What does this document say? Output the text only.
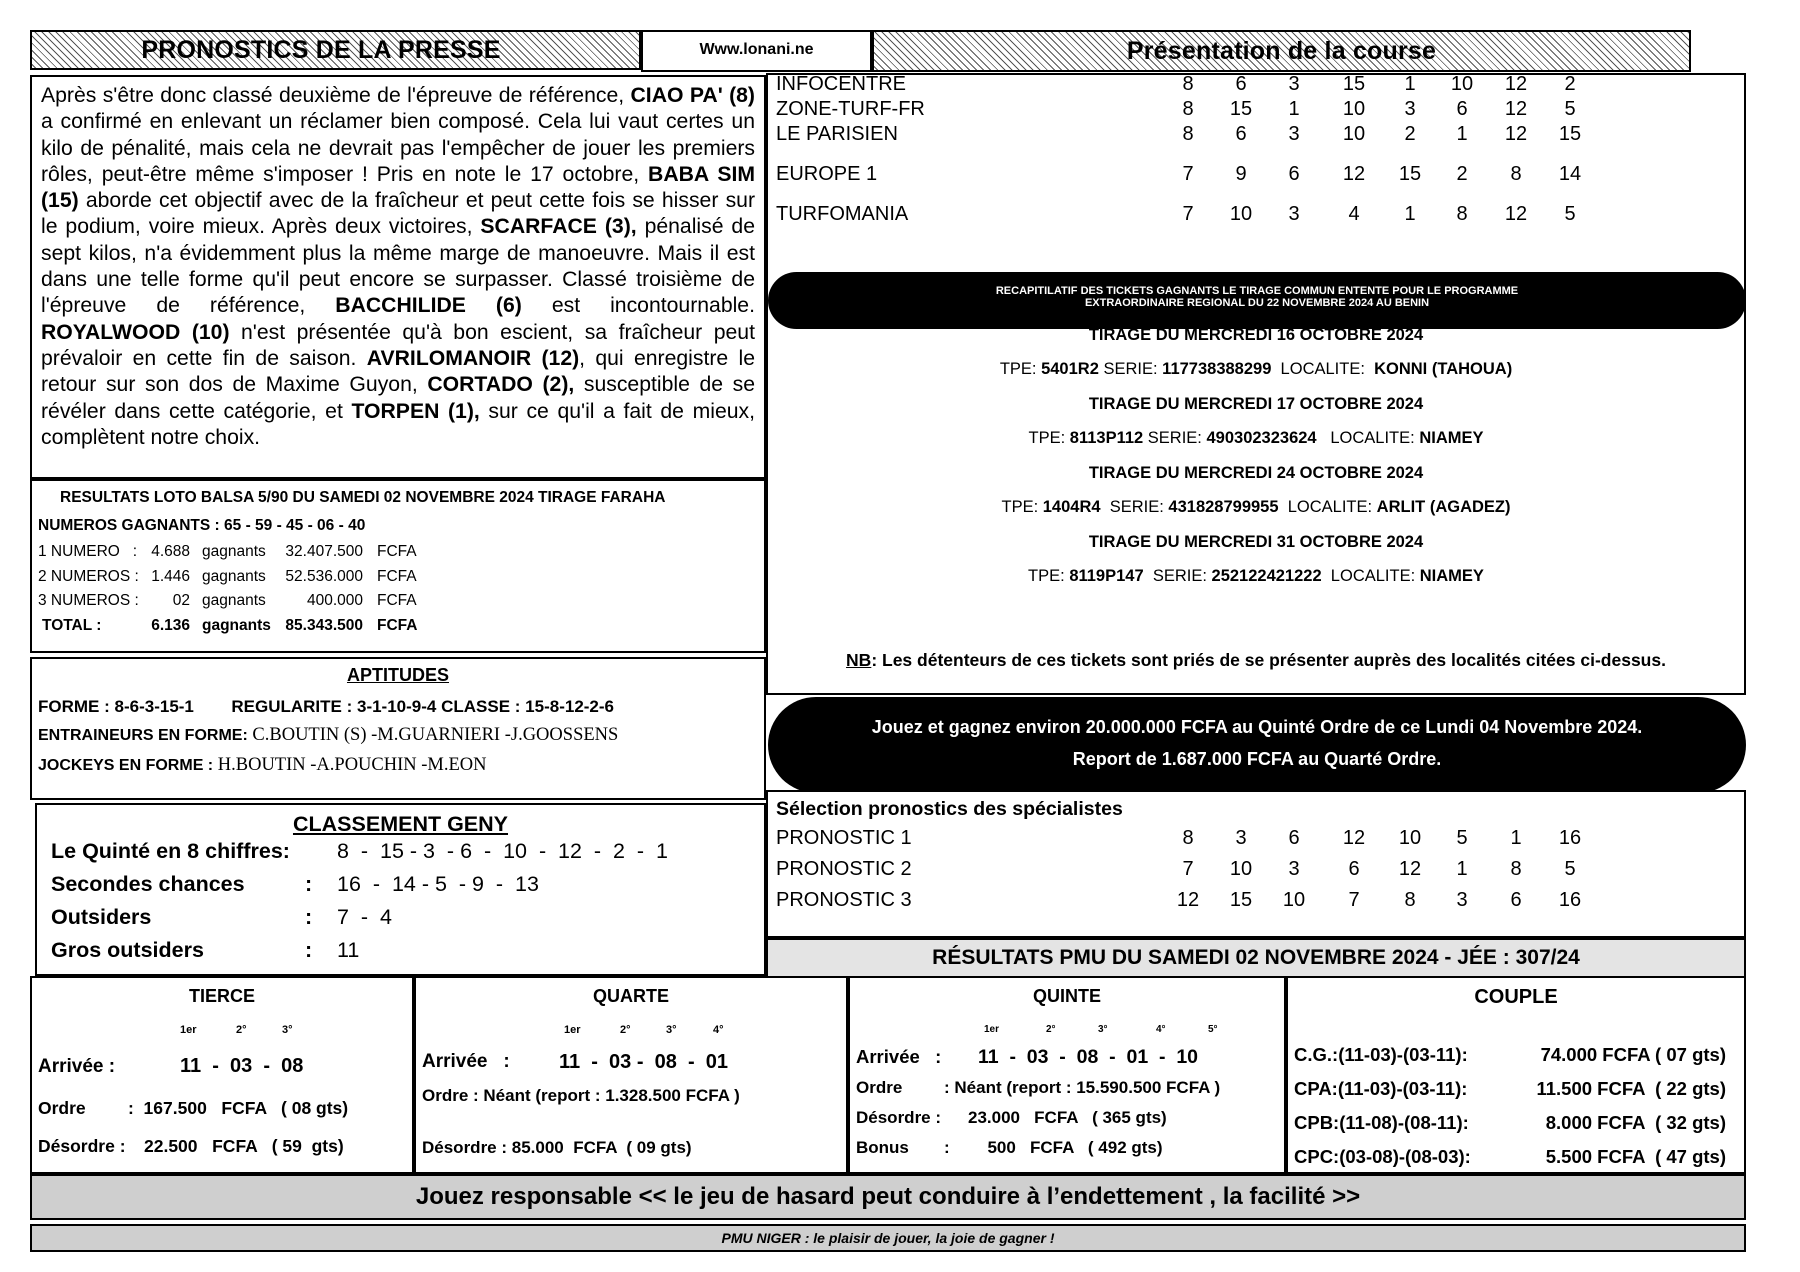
PRONOSTICS DE LA PRESSE	Www.lonani.ne	Présentation de la course
Après s'être donc classé deuxième de l'épreuve de référence, CIAO PA' (8) a confirmé en enlevant un réclamer bien composé. Cela lui vaut certes un kilo de pénalité, mais cela ne devrait pas l'empêcher de jouer les premiers rôles, peut-être même s'imposer ! Pris en note le 17 octobre, BABA SIM (15) aborde cet objectif avec de la fraîcheur et peut cette fois se hisser sur le podium, voire mieux. Après deux victoires, SCARFACE (3), pénalisé de sept kilos, n'a évidemment plus la même marge de manoeuvre. Mais il est dans une telle forme qu'il peut encore se surpasser. Classé troisième de l'épreuve de référence, BACCHILIDE (6) est incontournable. ROYALWOOD (10) n'est présentée qu'à bon escient, sa fraîcheur peut prévaloir en cette fin de saison. AVRILOMANOIR (12), qui enregistre le retour sur son dos de Maxime Guyon, CORTADO (2), susceptible de se révéler dans cette catégorie, et TORPEN (1), sur ce qu'il a fait de mieux, complètent notre choix.
INFOCENTRE	8	6	3	15	1	10	12	2
ZONE-TURF-FR	8	15	1	10	3	6	12	5
LE PARISIEN	8	6	3	10	2	1	12	15
EUROPE 1	7	9	6	12	15	2	8	14
TURFOMANIA	7	10	3	4	1	8	12	5
RECAPITILATIF DES TICKETS GAGNANTS LE TIRAGE COMMUN ENTENTE POUR LE PROGRAMME
EXTRAORDINAIRE REGIONAL DU 22 NOVEMBRE 2024 AU BENIN
TIRAGE DU MERCREDI 16 OCTOBRE 2024
TPE: 5401R2 SERIE: 117738388299  LOCALITE:  KONNI (TAHOUA)
TIRAGE DU MERCREDI 17 OCTOBRE 2024
TPE: 8113P112 SERIE: 490302323624   LOCALITE: NIAMEY
TIRAGE DU MERCREDI 24 OCTOBRE 2024
TPE: 1404R4  SERIE: 431828799955  LOCALITE: ARLIT (AGADEZ)
TIRAGE DU MERCREDI 31 OCTOBRE 2024
TPE: 8119P147  SERIE: 252122421222  LOCALITE: NIAMEY
NB: Les détenteurs de ces tickets sont priés de se présenter auprès des localités citées ci-dessus.
Jouez et gagnez environ 20.000.000 FCFA au Quinté Ordre de ce Lundi 04 Novembre 2024.
Report de 1.687.000 FCFA au Quarté Ordre.
RESULTATS LOTO BALSA 5/90 DU SAMEDI 02 NOVEMBRE 2024 TIRAGE FARAHA
NUMEROS GAGNANTS : 65 - 59 - 45 - 06 - 40
1 NUMERO   : 4.688 gagnants 32.407.500 FCFA
2 NUMEROS : 1.446 gagnants 52.536.000 FCFA
3 NUMEROS : 02 gagnants	400.000 FCFA
TOTAL :	6.136 gagnants 85.343.500 FCFA
APTITUDES
FORME : 8-6-3-15-1 REGULARITE : 3-1-10-9-4 CLASSE : 15-8-12-2-6
ENTRAINEURS EN FORME: C.BOUTIN (S) -M.GUARNIERI -J.GOOSSENS
JOCKEYS EN FORME : H.BOUTIN -A.POUCHIN -M.EON
CLASSEMENT GENY
Le Quinté en 8 chiffres: 8  -  15 - 3  - 6  -  10  -  12  -  2  -  1
Secondes chances	: 16  -  14 - 5  - 9  -  13
Outsiders	: 7  -  4
Gros outsiders	: 11
Sélection pronostics des spécialistes
PRONOSTIC 1	8	3	6	12	10	5	1	16
PRONOSTIC 2	7	10	3	6	12	1	8	5
PRONOSTIC 3	12	15	10	7	8	3	6	16
RÉSULTATS PMU DU SAMEDI 02 NOVEMBRE 2024 - JÉE : 307/24
TIERCE
1er	2°	3°
Arrivée :	11  -  03  -  08
Ordre :  167.500   FCFA   ( 08 gts)
Désordre : 22.500   FCFA   ( 59  gts)
QUARTE
1er	2°	3°	4°
Arrivée   : 11  -  03 -  08  -  01
Ordre : Néant (report : 1.328.500 FCFA )
Désordre : 85.000  FCFA  ( 09 gts)
QUINTE
1er	2°	3°	4°	5°
Arrivée   : 11  -  03  -  08  -  01  -  10
Ordre : Néant (report : 15.590.500 FCFA )
Désordre : 23.000   FCFA   ( 365 gts)
Bonus :        500   FCFA   ( 492 gts)
COUPLE
C.G.:(11-03)-(03-11):	74.000 FCFA ( 07 gts)
CPA:(11-03)-(03-11):	11.500 FCFA  ( 22 gts)
CPB:(11-08)-(08-11):	8.000 FCFA  ( 32 gts)
CPC:(03-08)-(08-03):	5.500 FCFA  ( 47 gts)
Jouez responsable << le jeu de hasard peut conduire à l’endettement , la facilité >>
PMU NIGER : le plaisir de jouer, la joie de gagner !
